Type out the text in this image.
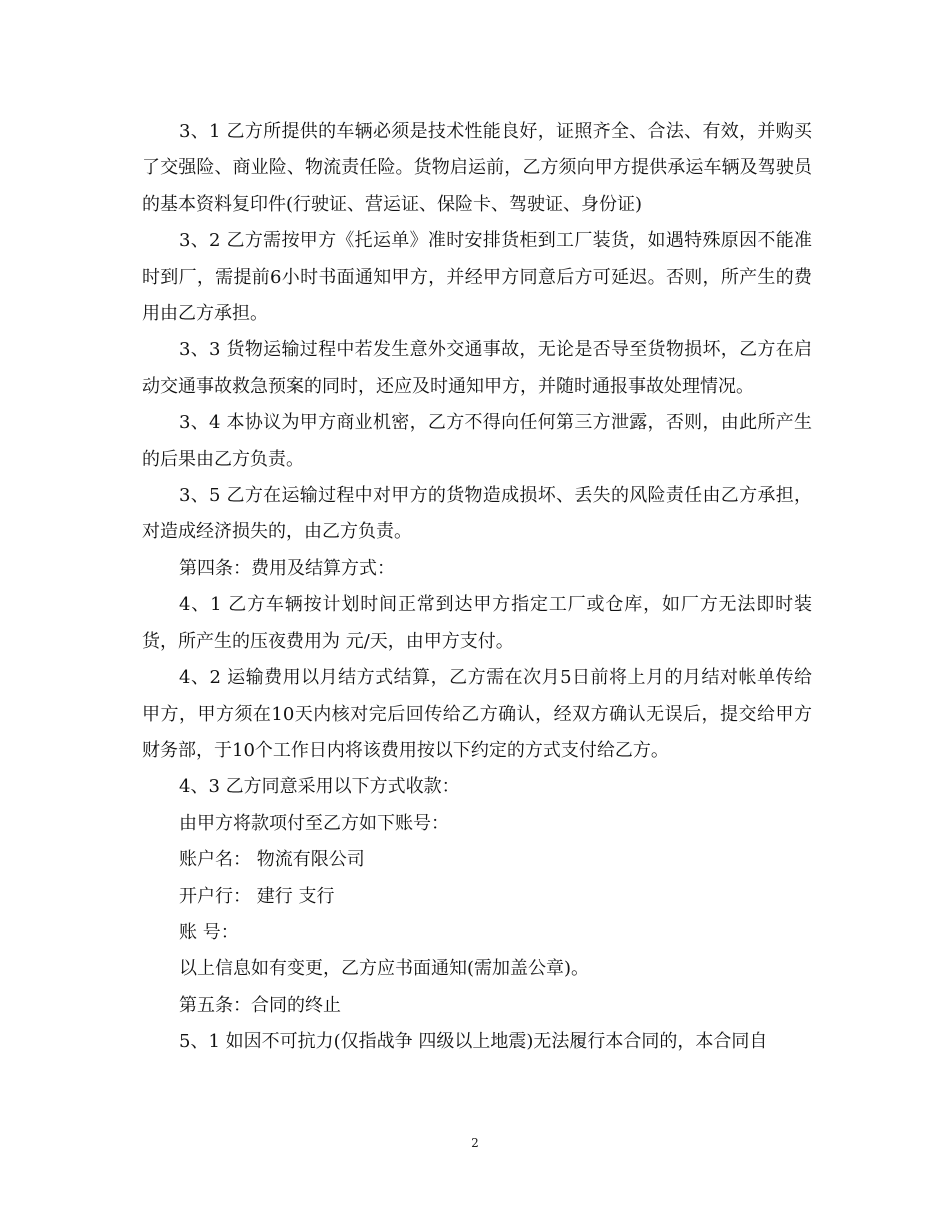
3、1 乙方所提供的车辆必须是技术性能良好，证照齐全、合法、有效，并购买了交强险、商业险、物流责任险。货物启运前，乙方须向甲方提供承运车辆及驾驶员的基本资料复印件(行驶证、营运证、保险卡、驾驶证、身份证)

3、2 乙方需按甲方《托运单》准时安排货柜到工厂装货，如遇特殊原因不能准时到厂，需提前6小时书面通知甲方，并经甲方同意后方可延迟。否则，所产生的费用由乙方承担。

3、3 货物运输过程中若发生意外交通事故，无论是否导至货物损坏，乙方在启动交通事故救急预案的同时，还应及时通知甲方，并随时通报事故处理情况。

3、4 本协议为甲方商业机密，乙方不得向任何第三方泄露，否则，由此所产生的后果由乙方负责。

3、5 乙方在运输过程中对甲方的货物造成损坏、丢失的风险责任由乙方承担，对造成经济损失的，由乙方负责。

第四条：费用及结算方式：

4、1 乙方车辆按计划时间正常到达甲方指定工厂或仓库，如厂方无法即时装货，所产生的压夜费用为 元/天，由甲方支付。

4、2 运输费用以月结方式结算，乙方需在次月5日前将上月的月结对帐单传给甲方，甲方须在10天内核对完后回传给乙方确认，经双方确认无误后，提交给甲方财务部，于10个工作日内将该费用按以下约定的方式支付给乙方。

4、3 乙方同意采用以下方式收款：

由甲方将款项付至乙方如下账号：

账户名： 物流有限公司

开户行： 建行 支行

账 号：

以上信息如有变更，乙方应书面通知(需加盖公章)。

第五条：合同的终止

5、1 如因不可抗力(仅指战争 四级以上地震)无法履行本合同的，本合同自

2
